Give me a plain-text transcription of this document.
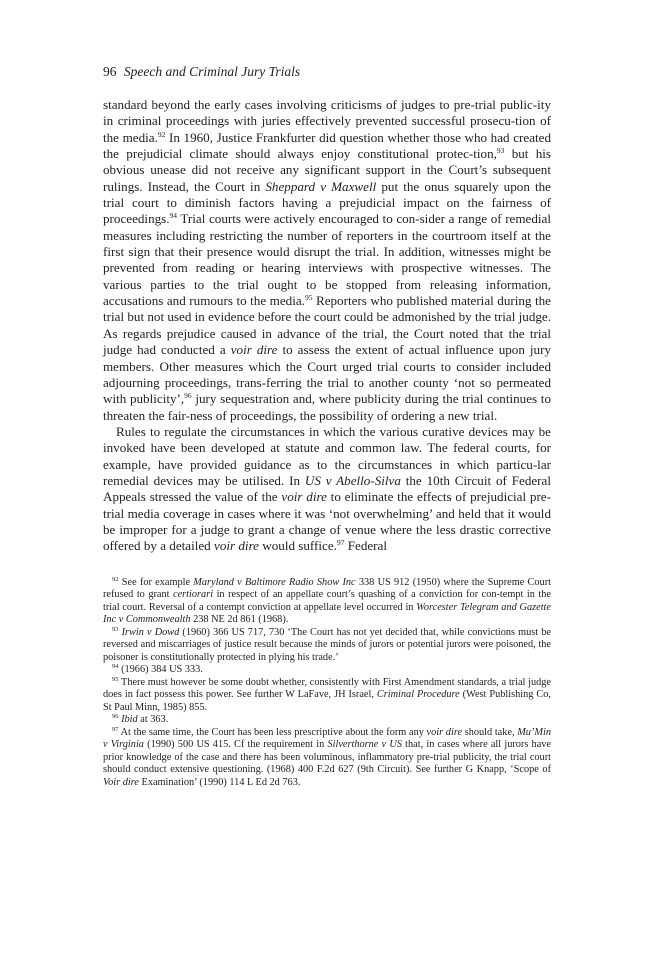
96 Speech and Criminal Jury Trials

standard beyond the early cases involving criticisms of judges to pre-trial public-ity in criminal proceedings with juries effectively prevented successful prosecu-tion of the media.$^{92}$ In 1960, Justice Frankfurter did question whether those who had created the prejudicial climate should always enjoy constitutional protec-tion,$^{93}$ but his obvious unease did not receive any significant support in the Court’s subsequent rulings. Instead, the Court in Sheppard v Maxwell put the onus squarely upon the trial court to diminish factors having a prejudicial impact on the fairness of proceedings.$^{94}$ Trial courts were actively encouraged to con-sider a range of remedial measures including restricting the number of reporters in the courtroom itself at the first sign that their presence would disrupt the trial. In addition, witnesses might be prevented from reading or hearing interviews with prospective witnesses. The various parties to the trial ought to be stopped from releasing information, accusations and rumours to the media.$^{95}$ Reporters who published material during the trial but not used in evidence before the court could be admonished by the trial judge. As regards prejudice caused in advance of the trial, the Court noted that the trial judge had conducted a voir dire to assess the extent of actual influence upon jury members. Other measures which the Court urged trial courts to consider included adjourning proceedings, trans-ferring the trial to another county ‘not so permeated with publicity’,$^{96}$ jury sequestration and, where publicity during the trial continues to threaten the fair-ness of proceedings, the possibility of ordering a new trial.

Rules to regulate the circumstances in which the various curative devices may be invoked have been developed at statute and common law. The federal courts, for example, have provided guidance as to the circumstances in which particu-lar remedial devices may be utilised. In US v Abello-Silva the 10th Circuit of Federal Appeals stressed the value of the voir dire to eliminate the effects of prejudicial pre-trial media coverage in cases where it was ‘not overwhelming’ and held that it would be improper for a judge to grant a change of venue where the less drastic corrective offered by a detailed voir dire would suffice.$^{97}$ Federal

$^{92}$ See for example Maryland v Baltimore Radio Show Inc 338 US 912 (1950) where the Supreme Court refused to grant certiorari in respect of an appellate court’s quashing of a conviction for con-tempt in the trial court. Reversal of a contempt conviction at appellate level occurred in Worcester Telegram and Gazette Inc v Commonwealth 238 NE 2d 861 (1968).

$^{93}$ Irwin v Dowd (1960) 366 US 717, 730 ‘The Court has not yet decided that, while convictions must be reversed and miscarriages of justice result because the minds of jurors or potential jurors were poisoned, the poisoner is constitutionally protected in plying his trade.’

$^{94}$ (1966) 384 US 333.

$^{95}$ There must however be some doubt whether, consistently with First Amendment standards, a trial judge does in fact possess this power. See further W LaFave, JH Israel, Criminal Procedure (West Publishing Co, St Paul Minn, 1985) 855.

$^{96}$ Ibid at 363.

$^{97}$ At the same time, the Court has been less prescriptive about the form any voir dire should take, Mu’Min v Virginia (1990) 500 US 415. Cf the requirement in Silverthorne v US that, in cases where all jurors have prior knowledge of the case and there has been voluminous, inflammatory pre-trial publicity, the trial court should conduct extensive questioning. (1968) 400 F.2d 627 (9th Circuit). See further G Knapp, ‘Scope of Voir dire Examination’ (1990) 114 L Ed 2d 763.
